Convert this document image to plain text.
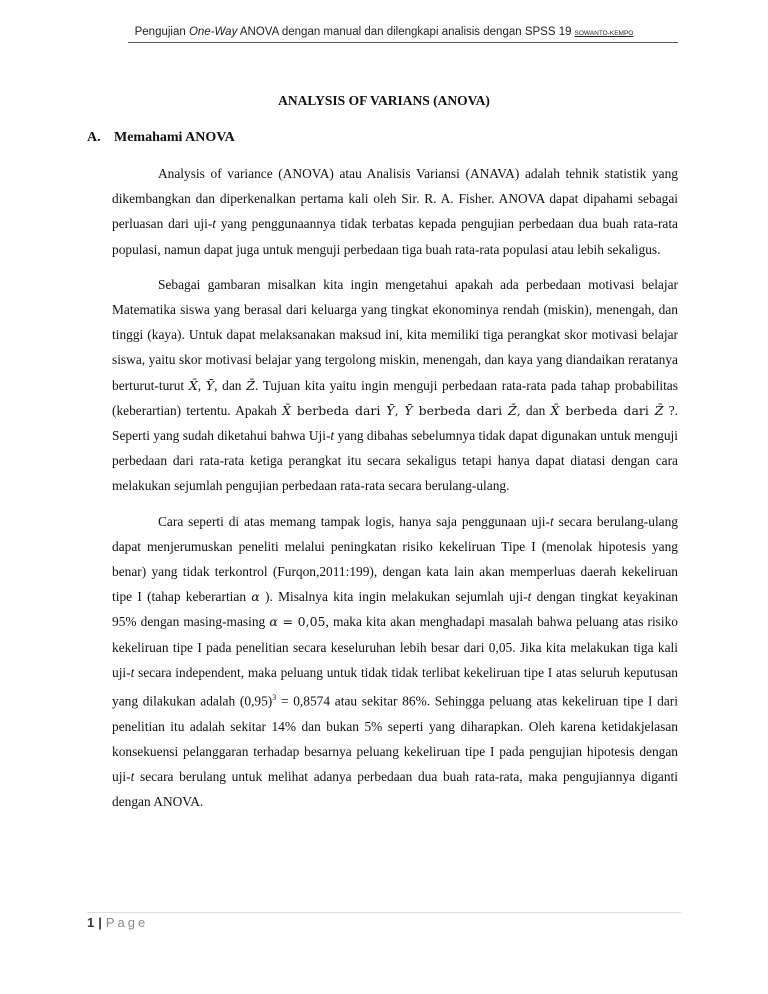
Pengujian One-Way ANOVA dengan manual dan dilengkapi analisis dengan SPSS 19 SOWANTO-KEMPO
ANALYSIS OF VARIANS (ANOVA)
A. Memahami ANOVA

Analysis of variance (ANOVA) atau Analisis Variansi (ANAVA) adalah tehnik statistik yang dikembangkan dan diperkenalkan pertama kali oleh Sir. R. A. Fisher. ANOVA dapat dipahami sebagai perluasan dari uji-t yang penggunaannya tidak terbatas kepada pengujian perbedaan dua buah rata-rata populasi, namun dapat juga untuk menguji perbedaan tiga buah rata-rata populasi atau lebih sekaligus.

Sebagai gambaran misalkan kita ingin mengetahui apakah ada perbedaan motivasi belajar Matematika siswa yang berasal dari keluarga yang tingkat ekonominya rendah (miskin), menengah, dan tinggi (kaya). Untuk dapat melaksanakan maksud ini, kita memiliki tiga perangkat skor motivasi belajar siswa, yaitu skor motivasi belajar yang tergolong miskin, menengah, dan kaya yang diandaikan reratanya berturut-turut X̄, Ȳ, dan Z̄. Tujuan kita yaitu ingin menguji perbedaan rata-rata pada tahap probabilitas (keberartian) tertentu. Apakah X̄ berbeda dari Ȳ, Ȳ berbeda dari Z̄, dan X̄ berbeda dari Z̄ ?. Seperti yang sudah diketahui bahwa Uji-t yang dibahas sebelumnya tidak dapat digunakan untuk menguji perbedaan dari rata-rata ketiga perangkat itu secara sekaligus tetapi hanya dapat diatasi dengan cara melakukan sejumlah pengujian perbedaan rata-rata secara berulang-ulang.

Cara seperti di atas memang tampak logis, hanya saja penggunaan uji-t secara berulang-ulang dapat menjerumuskan peneliti melalui peningkatan risiko kekeliruan Tipe I (menolak hipotesis yang benar) yang tidak terkontrol (Furqon,2011:199), dengan kata lain akan memperluas daerah kekeliruan tipe I (tahap keberartian α ). Misalnya kita ingin melakukan sejumlah uji-t dengan tingkat keyakinan 95% dengan masing-masing α = 0,05, maka kita akan menghadapi masalah bahwa peluang atas risiko kekeliruan tipe I pada penelitian secara keseluruhan lebih besar dari 0,05. Jika kita melakukan tiga kali uji-t secara independent, maka peluang untuk tidak tidak terlibat kekeliruan tipe I atas seluruh keputusan yang dilakukan adalah $(0,95)^3 = 0,8574$ atau sekitar 86%. Sehingga peluang atas kekeliruan tipe I dari penelitian itu adalah sekitar 14% dan bukan 5% seperti yang diharapkan. Oleh karena ketidakjelasan konsekuensi pelanggaran terhadap besarnya peluang kekeliruan tipe I pada pengujian hipotesis dengan uji-t secara berulang untuk melihat adanya perbedaan dua buah rata-rata, maka pengujiannya diganti dengan ANOVA.

1 | Page
